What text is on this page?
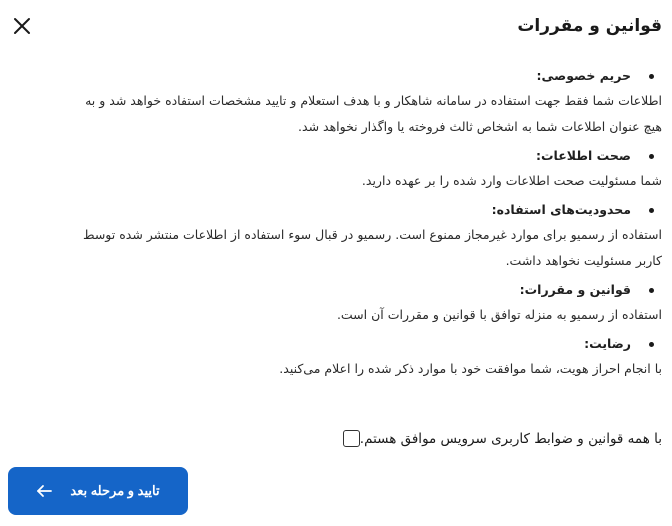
قوانین و مقررات
حریم خصوصی:
اطلاعات شما فقط جهت استفاده در سامانه شاهکار و با هدف استعلام و تایید مشخصات استفاده خواهد شد و به
هیچ عنوان اطلاعات شما به اشخاص ثالث فروخته یا واگذار نخواهد شد.
صحت اطلاعات:
شما مسئولیت صحت اطلاعات وارد شده را بر عهده دارید.
محدودیت‌های استفاده:
استفاده از رسمیو برای موارد غیرمجاز ممنوع است. رسمیو در قبال سوء استفاده از اطلاعات منتشر شده توسط
کاربر مسئولیت نخواهد داشت.
قوانین و مقررات:
استفاده از رسمیو به منزله توافق با قوانین و مقررات آن است.
رضایت:
با انجام احراز هویت، شما موافقت خود با موارد ذکر شده را اعلام می‌کنید.
با همه قوانین و ضوابط کاربری سرویس موافق هستم.
تایید و مرحله بعد
